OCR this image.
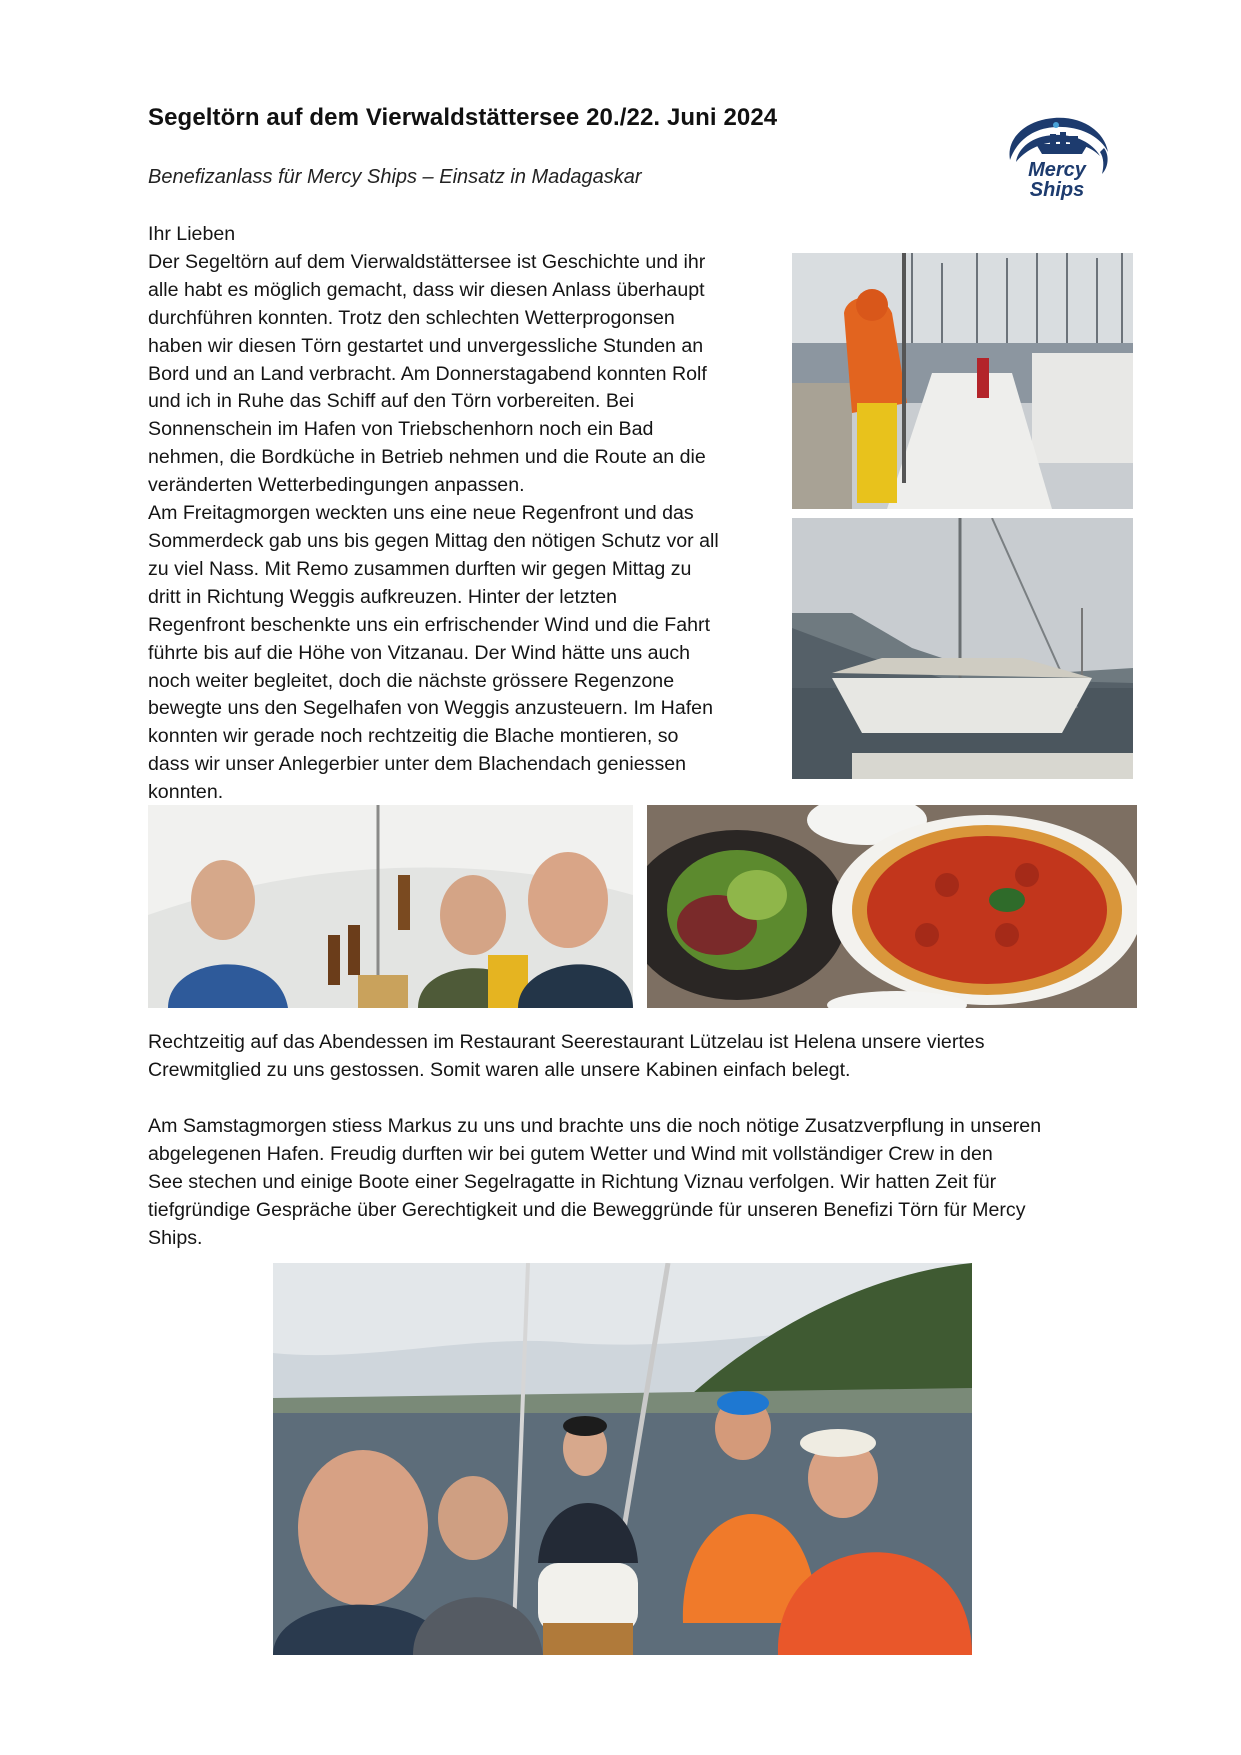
Segeltörn auf dem Vierwaldstättersee 20./22. Juni 2024
Benefizanlass für Mercy Ships – Einsatz in Madagaskar	Mercy
Ships
Ihr Lieben
Der Segeltörn auf dem Vierwaldstättersee ist Geschichte und ihr
alle habt es möglich gemacht, dass wir diesen Anlass überhaupt
durchführen konnten. Trotz den schlechten Wetterprogonsen
haben wir diesen Törn gestartet und unvergessliche Stunden an
Bord und an Land verbracht. Am Donnerstagabend konnten Rolf
und ich in Ruhe das Schiff auf den Törn vorbereiten. Bei
Sonnenschein im Hafen von Triebschenhorn noch ein Bad
nehmen, die Bordküche in Betrieb nehmen und die Route an die
veränderten Wetterbedingungen anpassen.
Am Freitagmorgen weckten uns eine neue Regenfront und das
Sommerdeck gab uns bis gegen Mittag den nötigen Schutz vor all
zu viel Nass. Mit Remo zusammen durften wir gegen Mittag zu
dritt in Richtung Weggis aufkreuzen. Hinter der letzten
Regenfront beschenkte uns ein erfrischender Wind und die Fahrt
führte bis auf die Höhe von Vitzanau. Der Wind hätte uns auch
noch weiter begleitet, doch die nächste grössere Regenzone
bewegte uns den Segelhafen von Weggis anzusteuern. Im Hafen
konnten wir gerade noch rechtzeitig die Blache montieren, so
dass wir unser Anlegerbier unter dem Blachendach geniessen
konnten.
Rechtzeitig auf das Abendessen im Restaurant Seerestaurant Lützelau ist Helena unsere viertes
Crewmitglied zu uns gestossen. Somit waren alle unsere Kabinen einfach belegt.
Am Samstagmorgen stiess Markus zu uns und brachte uns die noch nötige Zusatzverpflung in unseren
abgelegenen Hafen. Freudig durften wir bei gutem Wetter und Wind mit vollständiger Crew in den
See stechen und einige Boote einer Segelragatte in Richtung Viznau verfolgen. Wir hatten Zeit für
tiefgründige Gespräche über Gerechtigkeit und die Beweggründe für unseren Benefizi Törn für Mercy
Ships.
